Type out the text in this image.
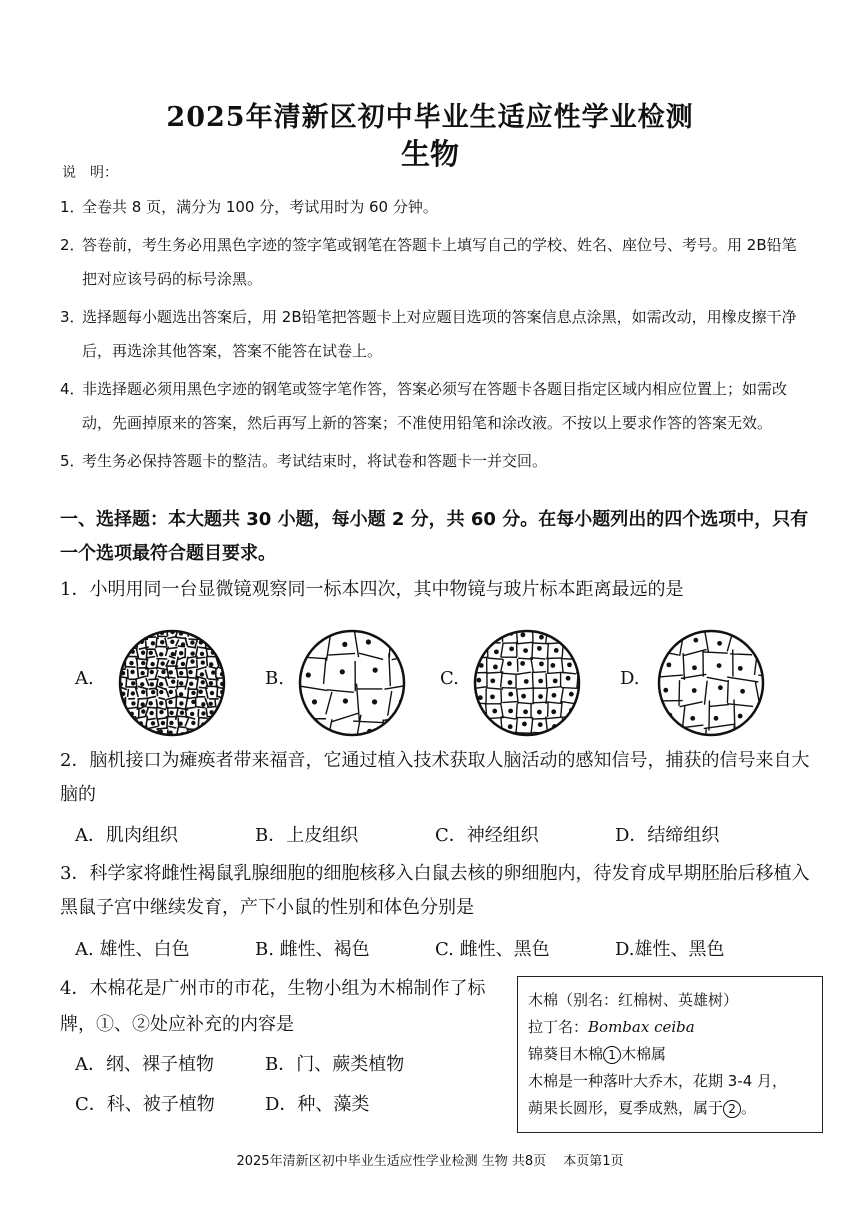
2025年清新区初中毕业生适应性学业检测
生物
说　明：
1．
全卷共 8 页，满分为 100 分，考试用时为 60 分钟。
2．
答卷前，考生务必用黑色字迹的签字笔或钢笔在答题卡上填写自己的学校、姓名、座位号、考号。用 2B铅笔把对应该号码的标号涂黑。
3．
选择题每小题选出答案后，用 2B铅笔把答题卡上对应题目选项的答案信息点涂黑，如需改动，用橡皮擦干净后，再选涂其他答案，答案不能答在试卷上。
4．
非选择题必须用黑色字迹的钢笔或签字笔作答，答案必须写在答题卡各题目指定区域内相应位置上；如需改动，先画掉原来的答案，然后再写上新的答案；不准使用铅笔和涂改液。不按以上要求作答的答案无效。
5．
考生务必保持答题卡的整洁。考试结束时，将试卷和答题卡一并交回。
一、选择题：本大题共 30 小题，每小题 2 分，共 60 分。在每小题列出的四个选项中，只有一个选项最符合题目要求。
1．小明用同一台显微镜观察同一标本四次，其中物镜与玻片标本距离最远的是
A.	B.	C.	D.
2．脑机接口为瘫痪者带来福音，它通过植入技术获取人脑活动的感知信号，捕获的信号来自大脑的
A．肌肉组织	B．上皮组织	C．神经组织	D．结缔组织
3．科学家将雌性褐鼠乳腺细胞的细胞核移入白鼠去核的卵细胞内，待发育成早期胚胎后移植入黑鼠子宫中继续发育，产下小鼠的性别和体色分别是
A. 雄性、白色	B. 雌性、褐色	C. 雌性、黑色	D.雄性、黑色
4．木棉花是广州市的市花，生物小组为木棉制作了标
牌，①、②处应补充的内容是
A．纲、裸子植物	B．门、蕨类植物
C．科、被子植物	D．种、藻类
木棉（别名：红棉树、英雄树）
拉丁名：Bombax ceiba
锦葵目木棉 1 木棉属
木棉是一种落叶大乔木，花期 3-4 月，
蒴果长圆形，夏季成熟，属于 2 。
2025年清新区初中毕业生适应性学业检测 生物 共8页　 本页第1页
